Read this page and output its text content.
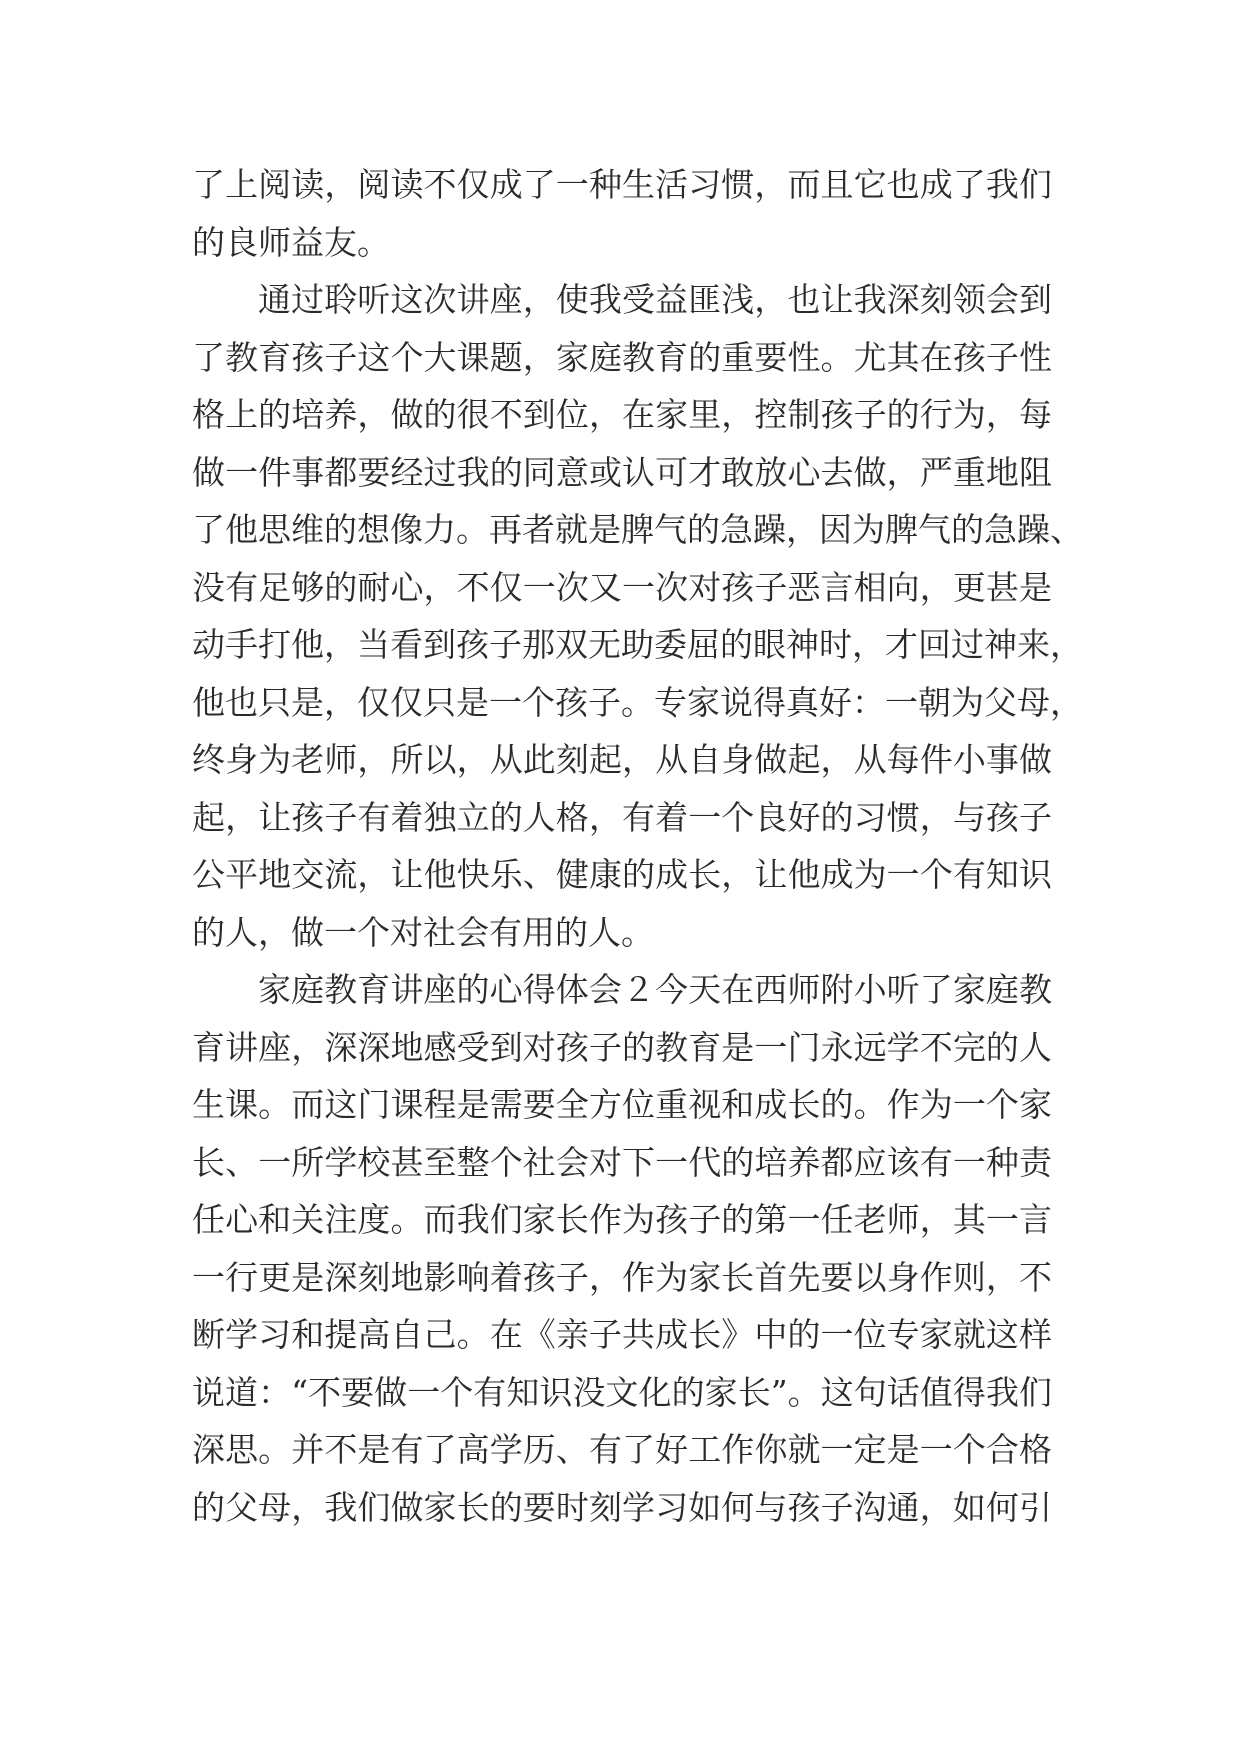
了上阅读，阅读不仅成了一种生活习惯，而且它也成了我们
的良师益友。
通过聆听这次讲座，使我受益匪浅，也让我深刻领会到
了教育孩子这个大课题，家庭教育的重要性。尤其在孩子性
格上的培养，做的很不到位，在家里，控制孩子的行为，每
做一件事都要经过我的同意或认可才敢放心去做，严重地阻
了他思维的想像力。再者就是脾气的急躁，因为脾气的急躁、
没有足够的耐心，不仅一次又一次对孩子恶言相向，更甚是
动手打他，当看到孩子那双无助委屈的眼神时，才回过神来，
他也只是，仅仅只是一个孩子。专家说得真好：一朝为父母，
终身为老师，所以，从此刻起，从自身做起，从每件小事做
起，让孩子有着独立的人格，有着一个良好的习惯，与孩子
公平地交流，让他快乐、健康的成长，让他成为一个有知识
的人，做一个对社会有用的人。
家庭教育讲座的心得体会２今天在西师附小听了家庭教
育讲座，深深地感受到对孩子的教育是一门永远学不完的人
生课。而这门课程是需要全方位重视和成长的。作为一个家
长、一所学校甚至整个社会对下一代的培养都应该有一种责
任心和关注度。而我们家长作为孩子的第一任老师，其一言
一行更是深刻地影响着孩子，作为家长首先要以身作则，不
断学习和提高自己。在《亲子共成长》中的一位专家就这样
说道：“不要做一个有知识没文化的家长”。这句话值得我们
深思。并不是有了高学历、有了好工作你就一定是一个合格
的父母，我们做家长的要时刻学习如何与孩子沟通，如何引
